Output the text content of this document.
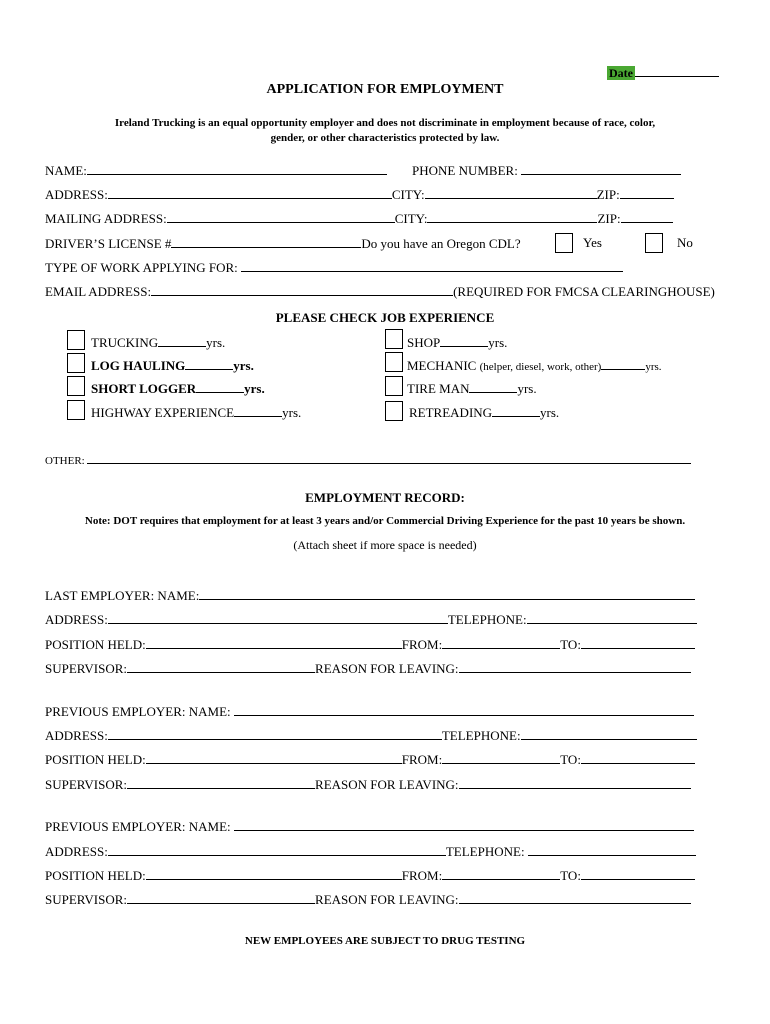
Date
APPLICATION FOR EMPLOYMENT
Ireland Trucking is an equal opportunity employer and does not discriminate in employment because of race, color,
gender, or other characteristics protected by law.
NAME:	PHONE NUMBER:
ADDRESS:	CITY:	ZIP:
MAILING ADDRESS:	CITY:	ZIP:
DRIVER’S LICENSE #	Do you have an Oregon CDL?	Yes	No
TYPE OF WORK APPLYING FOR:
EMAIL ADDRESS:	(REQUIRED FOR FMCSA CLEARINGHOUSE)
PLEASE CHECK JOB EXPERIENCE
TRUCKING	yrs.
LOG HAULING	yrs.
SHORT LOGGER	yrs.
HIGHWAY EXPERIENCE	yrs.
SHOP	yrs.
MECHANIC (helper, diesel, work, other)	yrs.
TIRE MAN	yrs.
RETREADING	yrs.
OTHER:
EMPLOYMENT RECORD:
Note: DOT requires that employment for at least 3 years and/or Commercial Driving Experience for the past 10 years be shown.
(Attach sheet if more space is needed)
LAST EMPLOYER: NAME:
ADDRESS:	TELEPHONE:
POSITION HELD:	FROM:	TO:
SUPERVISOR:	REASON FOR LEAVING:
PREVIOUS EMPLOYER: NAME:
ADDRESS:	TELEPHONE:
POSITION HELD:	FROM:	TO:
SUPERVISOR:	REASON FOR LEAVING:
PREVIOUS EMPLOYER: NAME:
ADDRESS:	TELEPHONE:
POSITION HELD:	FROM:	TO:
SUPERVISOR:	REASON FOR LEAVING:
NEW EMPLOYEES ARE SUBJECT TO DRUG TESTING
